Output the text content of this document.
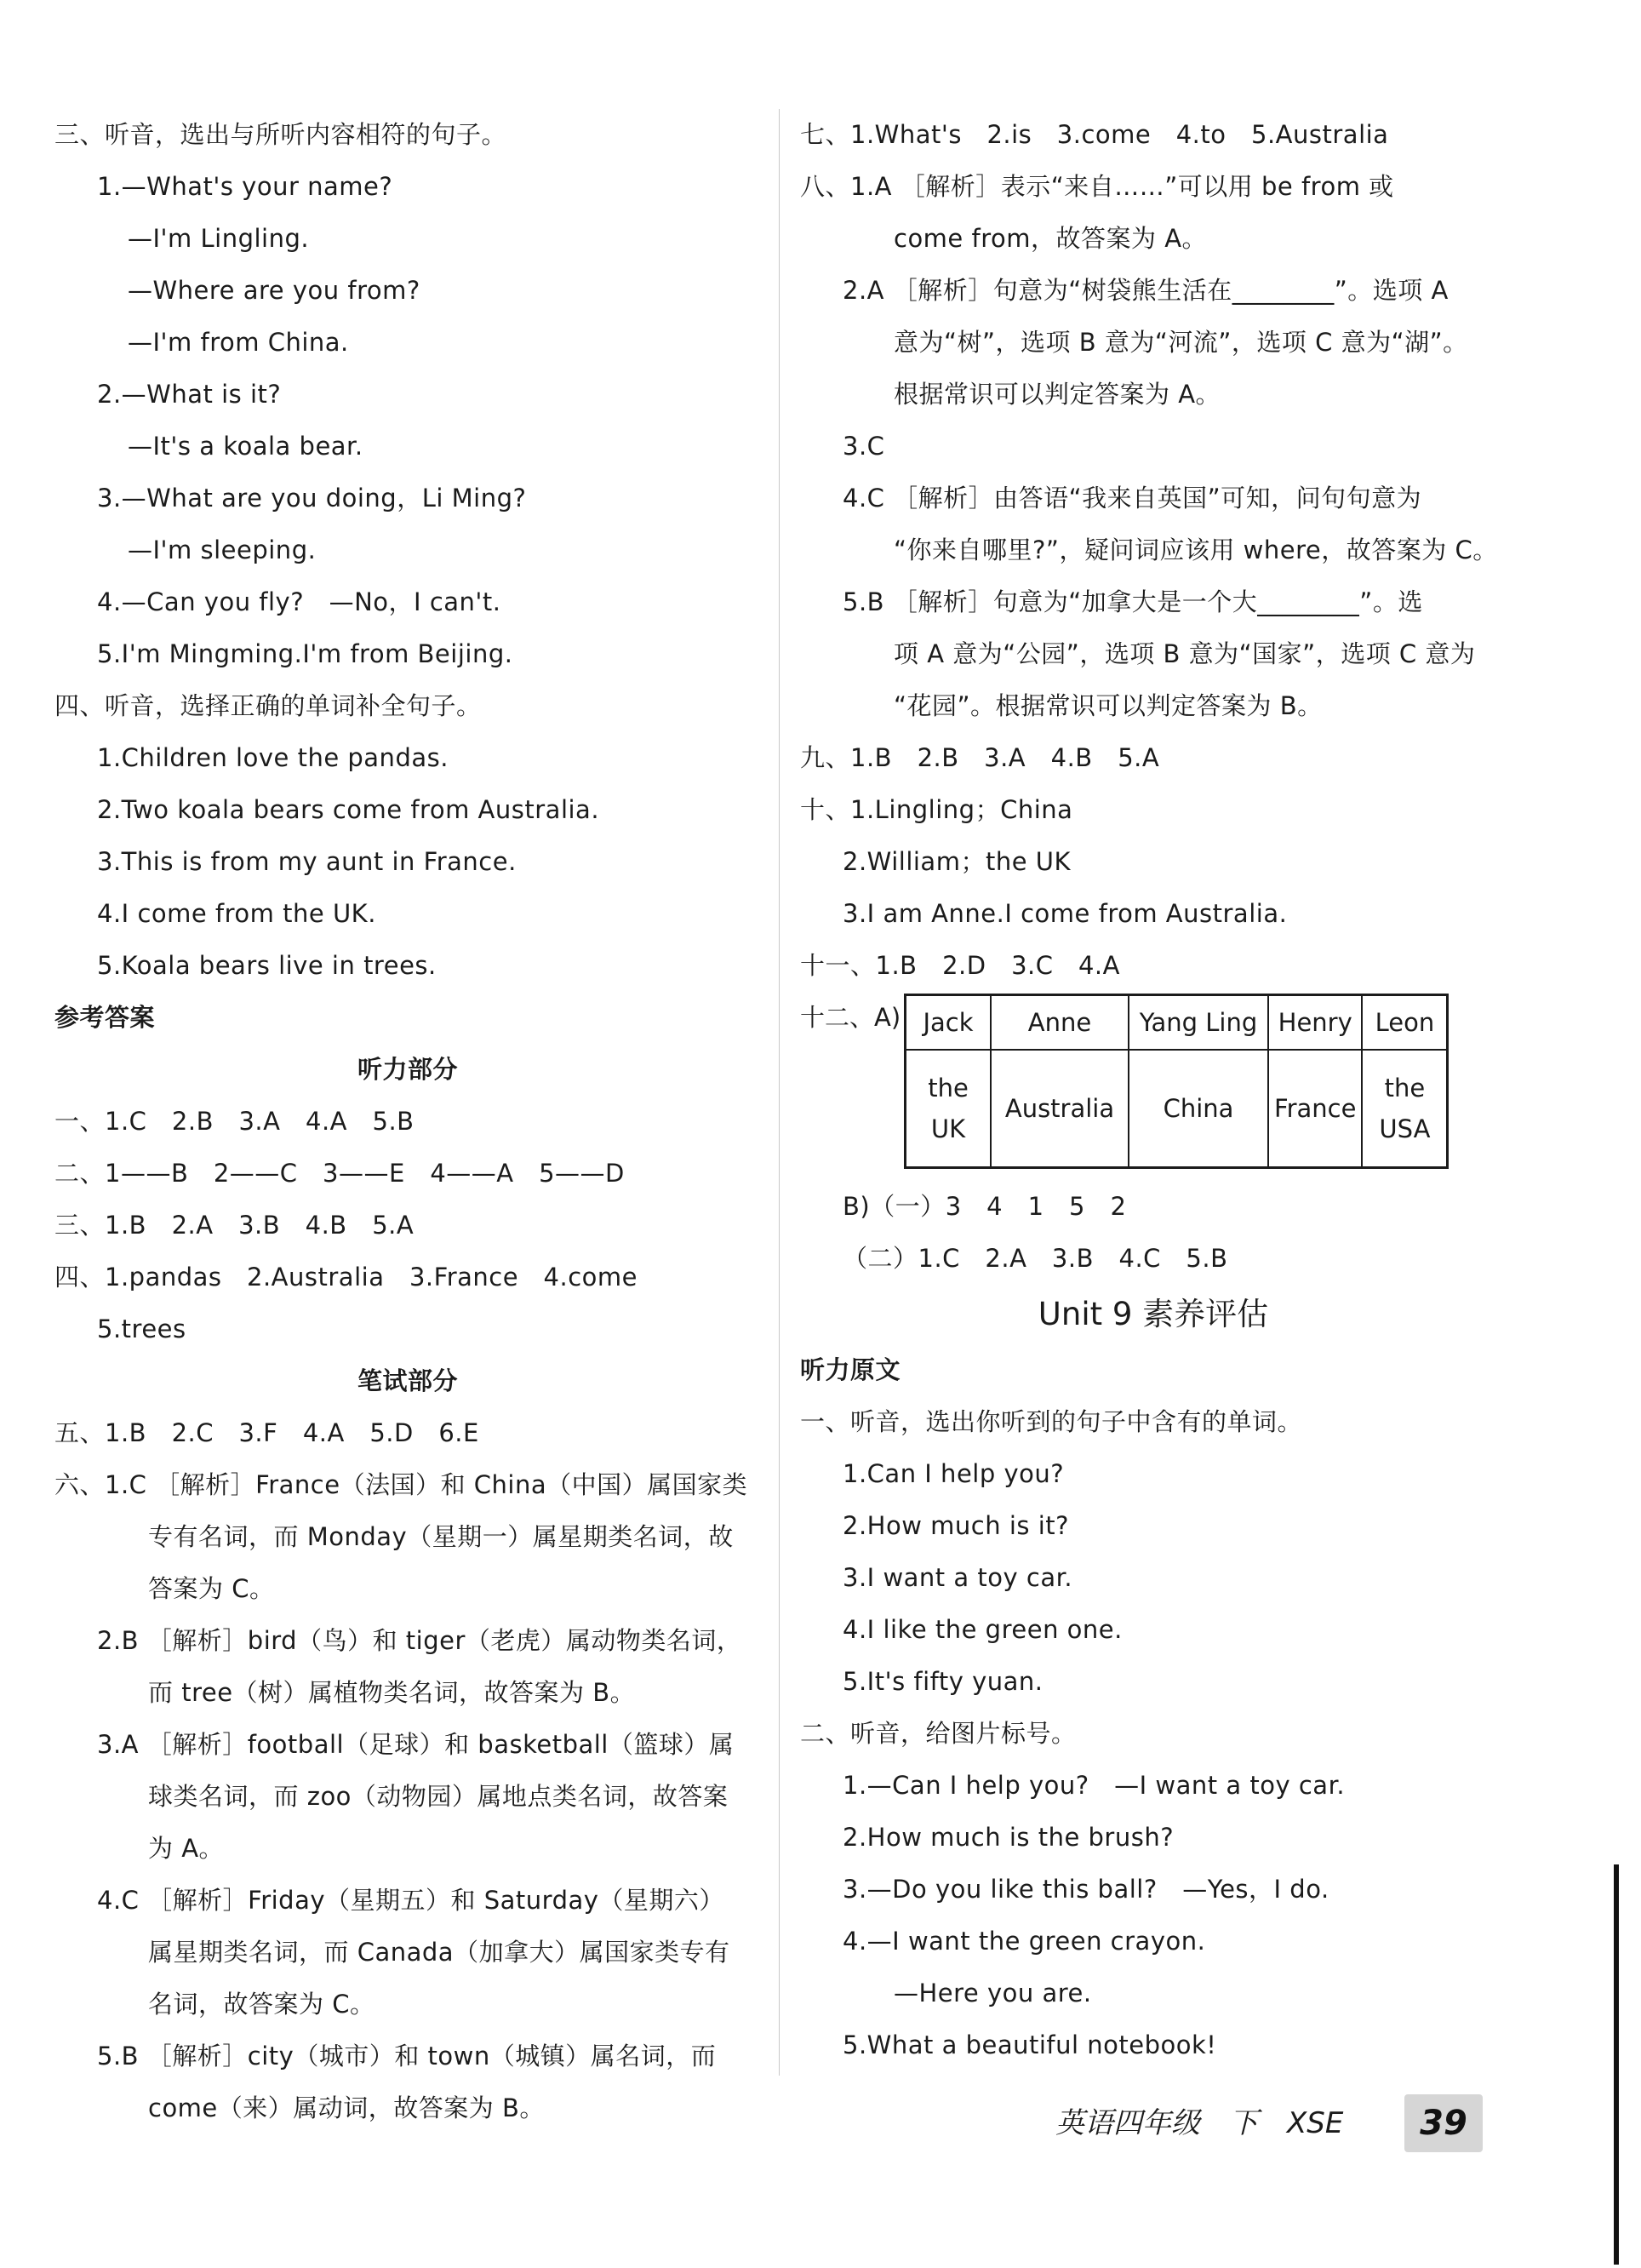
三、听音，选出与所听内容相符的句子。
1.—What's your name?
—I'm Lingling.
—Where are you from?
—I'm from China.
2.—What is it?
—It's a koala bear.
3.—What are you doing，Li Ming?
—I'm sleeping.
4.—Can you fly?　—No，I can't.
5.I'm Mingming.I'm from Beijing.
四、听音，选择正确的单词补全句子。
1.Children love the pandas.
2.Two koala bears come from Australia.
3.This is from my aunt in France.
4.I come from the UK.
5.Koala bears live in trees.
参考答案
听力部分
一、1.C　2.B　3.A　4.A　5.B
二、1——B　2——C　3——E　4——A　5——D
三、1.B　2.A　3.B　4.B　5.A
四、1.pandas　2.Australia　3.France　4.come
5.trees
笔试部分
五、1.B　2.C　3.F　4.A　5.D　6.E
六、1.C ［解析］France（法国）和 China（中国）属国家类
专有名词，而 Monday（星期一）属星期类名词，故
答案为 C。
2.B ［解析］bird（鸟）和 tiger（老虎）属动物类名词，
而 tree（树）属植物类名词，故答案为 B。
3.A ［解析］football（足球）和 basketball（篮球）属
球类名词，而 zoo（动物园）属地点类名词，故答案
为 A。
4.C ［解析］Friday（星期五）和 Saturday（星期六）
属星期类名词，而 Canada（加拿大）属国家类专有
名词，故答案为 C。
5.B ［解析］city（城市）和 town（城镇）属名词，而
come（来）属动词，故答案为 B。
七、1.What's　2.is　3.come　4.to　5.Australia
八、1.A ［解析］表示“来自……”可以用 be from 或
come from，故答案为 A。
2.A ［解析］句意为“树袋熊生活在________”。选项 A
意为“树”，选项 B 意为“河流”，选项 C 意为“湖”。
根据常识可以判定答案为 A。
3.C
4.C ［解析］由答语“我来自英国”可知，问句句意为
“你来自哪里?”，疑问词应该用 where，故答案为 C。
5.B ［解析］句意为“加拿大是一个大________”。选
项 A 意为“公园”，选项 B 意为“国家”，选项 C 意为
“花园”。根据常识可以判定答案为 B。
九、1.B　2.B　3.A　4.B　5.A
十、1.Lingling；China
2.William；the UK
3.I am Anne.I come from Australia.
十一、1.B　2.D　3.C　4.A
十二、A) Jack	Anne	Yang Ling	Henry	Leon
the UK	Australia	China	France	the USA
B)（一）3　4　1　5　2
（二）1.C　2.A　3.B　4.C　5.B
Unit 9 素养评估
听力原文
一、听音，选出你听到的句子中含有的单词。
1.Can I help you?
2.How much is it?
3.I want a toy car.
4.I like the green one.
5.It's fifty yuan.
二、听音，给图片标号。
1.—Can I help you?　—I want a toy car.
2.How much is the brush?
3.—Do you like this ball?　—Yes，I do.
4.—I want the green crayon.
—Here you are.
5.What a beautiful notebook!
英语四年级　下　XSE	39
